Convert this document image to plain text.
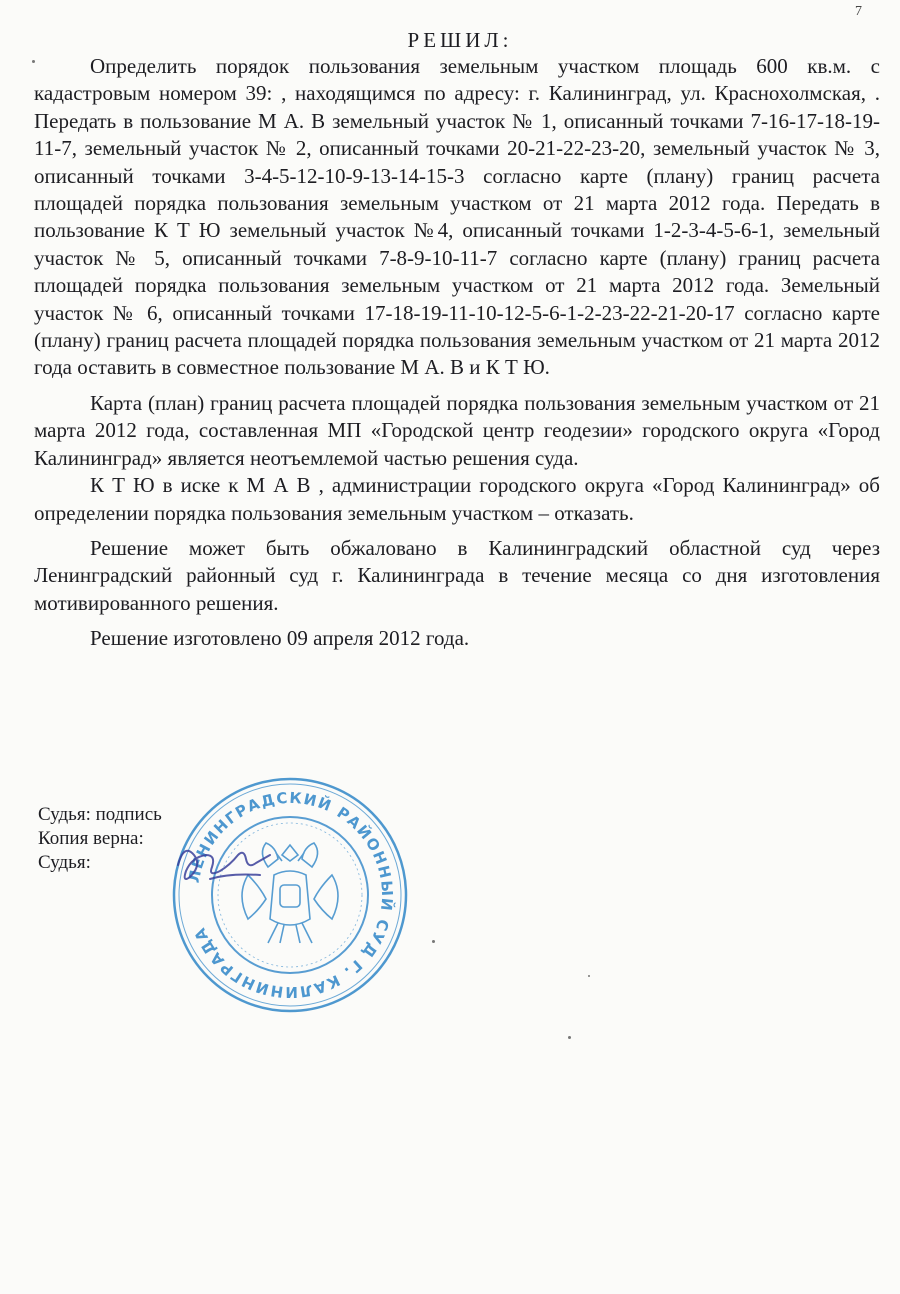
7
РЕШИЛ:

Определить порядок пользования земельным участком площадь 600 кв.м. с кадастровым номером 39: , находящимся по адресу: г. Калининград, ул. Краснохолмская, . Передать в пользование М А. В земельный участок № 1, описанный точками 7-16-17-18-19-11-7, земельный участок № 2, описанный точками 20-21-22-23-20, земельный участок № 3, описанный точками 3-4-5-12-10-9-13-14-15-3 согласно карте (плану) границ расчета площадей порядка пользования земельным участком от 21 марта 2012 года. Передать в пользование К Т Ю земельный участок №4, описанный точками 1-2-3-4-5-6-1, земельный участок № 5, описанный точками 7-8-9-10-11-7 согласно карте (плану) границ расчета площадей порядка пользования земельным участком от 21 марта 2012 года. Земельный участок № 6, описанный точками 17-18-19-11-10-12-5-6-1-2-23-22-21-20-17 согласно карте (плану) границ расчета площадей порядка пользования земельным участком от 21 марта 2012 года оставить в совместное пользование М А. В и К Т Ю.

Карта (план) границ расчета площадей порядка пользования земельным участком от 21 марта 2012 года, составленная МП «Городской центр геодезии» городского округа «Город Калининград» является неотъемлемой частью решения суда.

К Т Ю в иске к М А В , администрации городского округа «Город Калининград» об определении порядка пользования земельным участком – отказать.

Решение может быть обжаловано в Калининградский областной суд через Ленинградский районный суд г. Калининграда в течение месяца со дня изготовления мотивированного решения.

Решение изготовлено 09 апреля 2012 года.

Судья: подпись
Копия верна:
Судья:
ЛЕНИНГРАДСКИЙ РАЙОННЫЙ СУД Г. КАЛИНИНГРАДА
